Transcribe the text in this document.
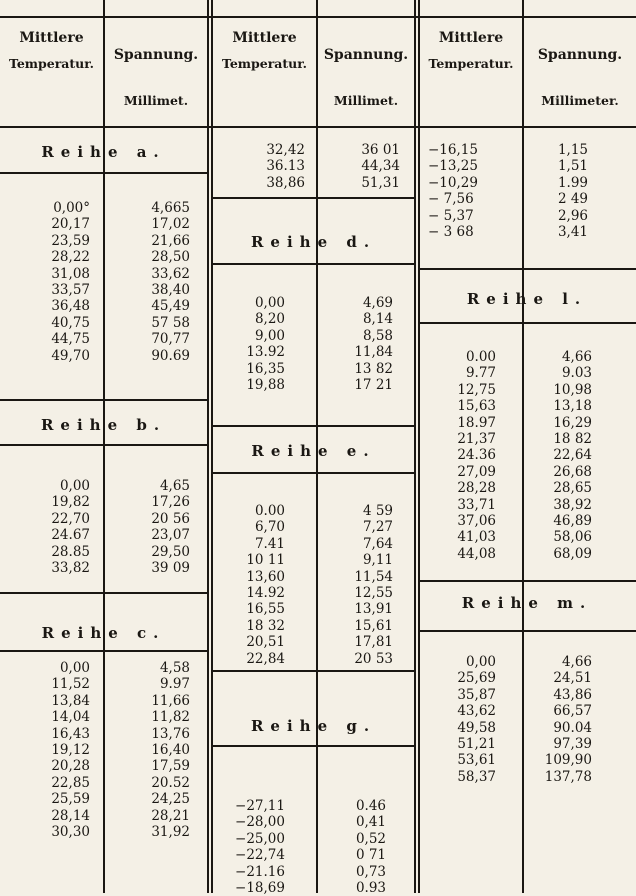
Mittlere
Temperatur.
Spannung.
Millimet.
Mittlere
Temperatur.
Spannung.
Millimet.
Mittlere
Temperatur.
Spannung.
Millimeter.
Reihe a.
0,00°
20,17
23,59
28,22
31,08
33,57
36,48
40,75
44,75
49,70
4,665
17,02
21,66
28,50
33,62
38,40
45,49
57 58
70,77
90.69
Reihe b.
0,00
19,82
22,70
24.67
28.85
33,82
4,65
17,26
20 56
23,07
29,50
39 09
Reihe c.
0,00
11,52
13,84
14,04
16,43
19,12
20,28
22,85
25,59
28,14
30,30
4,58
9.97
11,66
11,82
13,76
16,40
17,59
20.52
24,25
28,21
31,92
32,42
36.13
38,86
36 01
44,34
51,31
Reihe d.
0,00
8,20
9,00
13.92
16,35
19,88
4,69
8,14
8,58
11,84
13 82
17 21
Reihe e.
0.00
6,70
7.41
10 11
13,60
14.92
16,55
18 32
20,51
22,84
4 59
7,27
7,64
9,11
11,54
12,55
13,91
15,61
17,81
20 53
Reihe g.
−27,11
−28,00
−25,00
−22,74
−21.16
−18,69
0.46
0,41
0,52
0 71
0,73
0.93
−16,15
−13,25
−10,29
− 7,56
− 5,37
− 3 68
1,15
1,51
1.99
2 49
2,96
3,41
Reihe l.
0.00
9.77
12,75
15,63
18.97
21,37
24.36
27,09
28,28
33,71
37,06
41,03
44,08
4,66
9.03
10,98
13,18
16,29
18 82
22,64
26,68
28,65
38,92
46,89
58,06
68,09
Reihe m.
0,00
25,69
35,87
43,62
49,58
51,21
53,61
58,37
4,66
24,51
43,86
66,57
90.04
97,39
109,90
137,78
